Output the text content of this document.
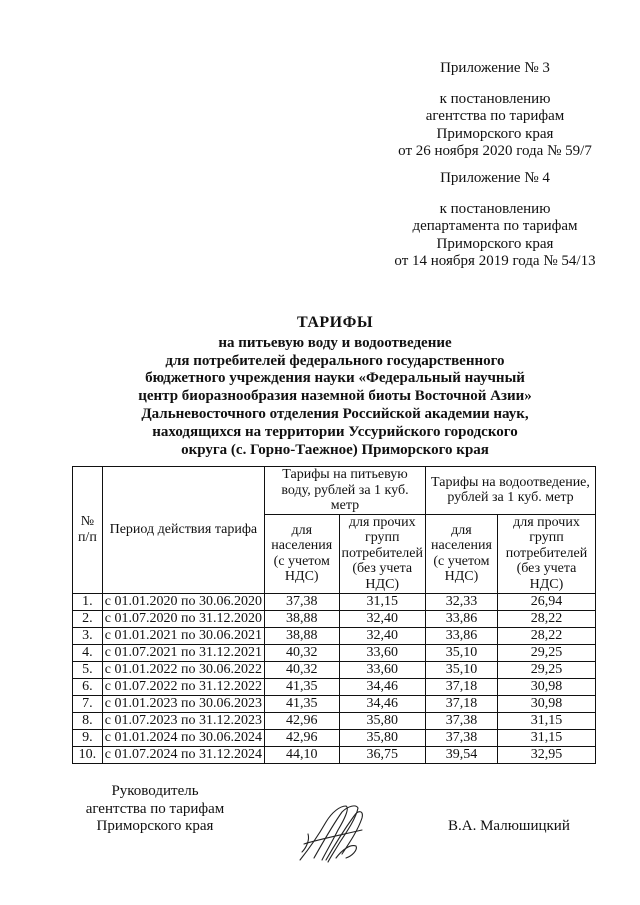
Приложение № 3
к постановлению
агентства по тарифам
Приморского края
от 26 ноября 2020 года № 59/7
Приложение № 4
к постановлению
департамента по тарифам
Приморского края
от 14 ноября 2019 года № 54/13
ТАРИФЫ
на питьевую воду и водоотведение
для потребителей федерального государственного
бюджетного учреждения науки «Федеральный научный
центр биоразнообразия наземной биоты Восточной Азии»
Дальневосточного отделения Российской академии наук,
находящихся на территории Уссурийского городского
округа (с. Горно-Таежное) Приморского края
№ п/п	Период действия тарифа	Тарифы на питьевую воду, рублей за 1 куб. метр		Тарифы на водоотведение, рублей за 1 куб. метр	
		для населения (с учетом НДС)	для прочих групп потребителей (без учета НДС)	для населения (с учетом НДС)	для прочих групп потребителей (без учета НДС)
1.	с 01.01.2020 по 30.06.2020	37,38	31,15	32,33	26,94
2.	с 01.07.2020 по 31.12.2020	38,88	32,40	33,86	28,22
3.	с 01.01.2021 по 30.06.2021	38,88	32,40	33,86	28,22
4.	с 01.07.2021 по 31.12.2021	40,32	33,60	35,10	29,25
5.	с 01.01.2022 по 30.06.2022	40,32	33,60	35,10	29,25
6.	с 01.07.2022 по 31.12.2022	41,35	34,46	37,18	30,98
7.	с 01.01.2023 по 30.06.2023	41,35	34,46	37,18	30,98
8.	с 01.07.2023 по 31.12.2023	42,96	35,80	37,38	31,15
9.	с 01.01.2024 по 30.06.2024	42,96	35,80	37,38	31,15
10.	с 01.07.2024 по 31.12.2024	44,10	36,75	39,54	32,95
Руководитель
агентства по тарифам
Приморского края	В.А. Малюшицкий
